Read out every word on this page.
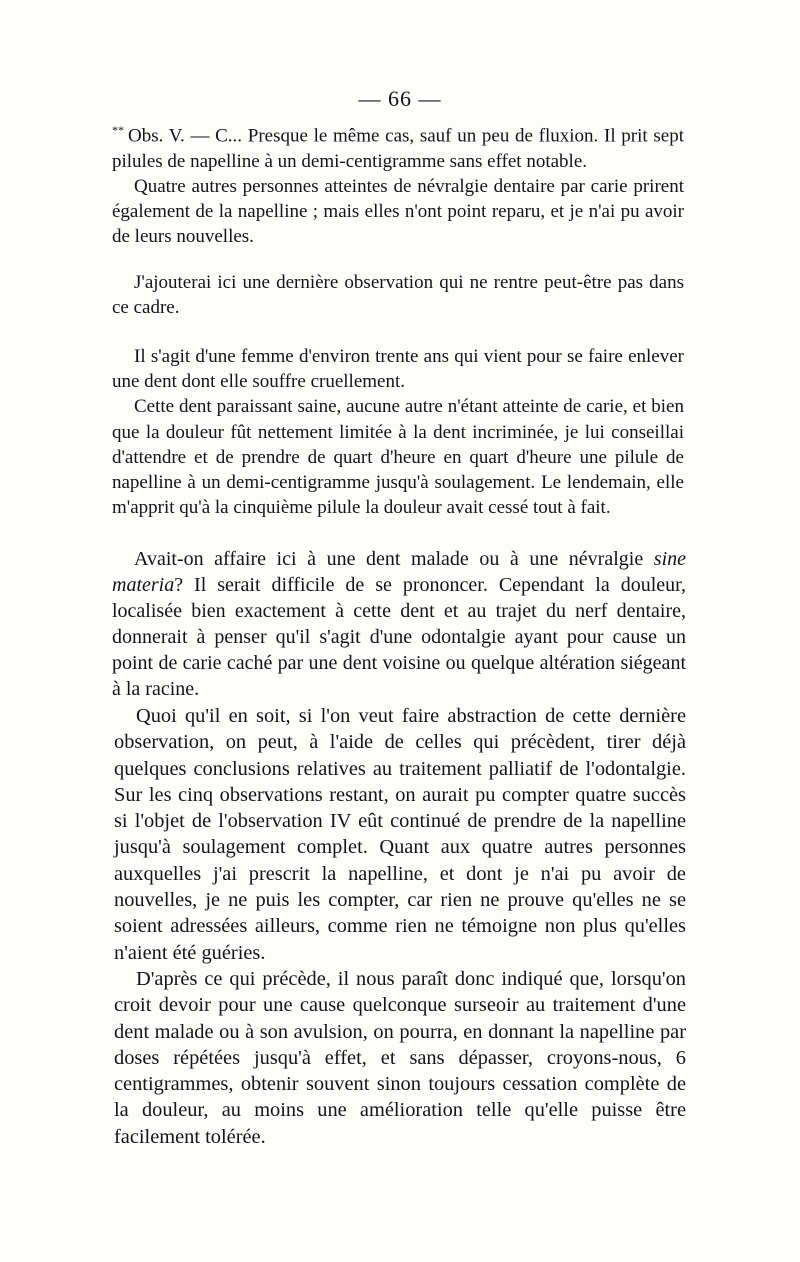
— 66 —

** Obs. V. — C... Presque le même cas, sauf un peu de fluxion. Il prit sept pilules de napelline à un demi-centigramme sans effet notable.

Quatre autres personnes atteintes de névralgie dentaire par carie prirent également de la napelline ; mais elles n'ont point reparu, et je n'ai pu avoir de leurs nouvelles.

J'ajouterai ici une dernière observation qui ne rentre peut-être pas dans ce cadre.

Il s'agit d'une femme d'environ trente ans qui vient pour se faire enlever une dent dont elle souffre cruellement.

Cette dent paraissant saine, aucune autre n'étant atteinte de carie, et bien que la douleur fût nettement limitée à la dent incriminée, je lui conseillai d'attendre et de prendre de quart d'heure en quart d'heure une pilule de napelline à un demi-centigramme jusqu'à soulagement. Le lendemain, elle m'apprit qu'à la cinquième pilule la douleur avait cessé tout à fait.

Avait-on affaire ici à une dent malade ou à une névralgie sine materia? Il serait difficile de se prononcer. Cependant la douleur, localisée bien exactement à cette dent et au trajet du nerf dentaire, donnerait à penser qu'il s'agit d'une odontalgie ayant pour cause un point de carie caché par une dent voisine ou quelque altération siégeant à la racine.

Quoi qu'il en soit, si l'on veut faire abstraction de cette dernière observation, on peut, à l'aide de celles qui précèdent, tirer déjà quelques conclusions relatives au traitement palliatif de l'odontalgie. Sur les cinq observations restant, on aurait pu compter quatre succès si l'objet de l'observation IV eût continué de prendre de la napelline jusqu'à soulagement complet. Quant aux quatre autres personnes auxquelles j'ai prescrit la napelline, et dont je n'ai pu avoir de nouvelles, je ne puis les compter, car rien ne prouve qu'elles ne se soient adressées ailleurs, comme rien ne témoigne non plus qu'elles n'aient été guéries.

D'après ce qui précède, il nous paraît donc indiqué que, lorsqu'on croit devoir pour une cause quelconque surseoir au traitement d'une dent malade ou à son avulsion, on pourra, en donnant la napelline par doses répétées jusqu'à effet, et sans dépasser, croyons-nous, 6 centigrammes, obtenir souvent sinon toujours cessation complète de la douleur, au moins une amélioration telle qu'elle puisse être facilement tolérée.
